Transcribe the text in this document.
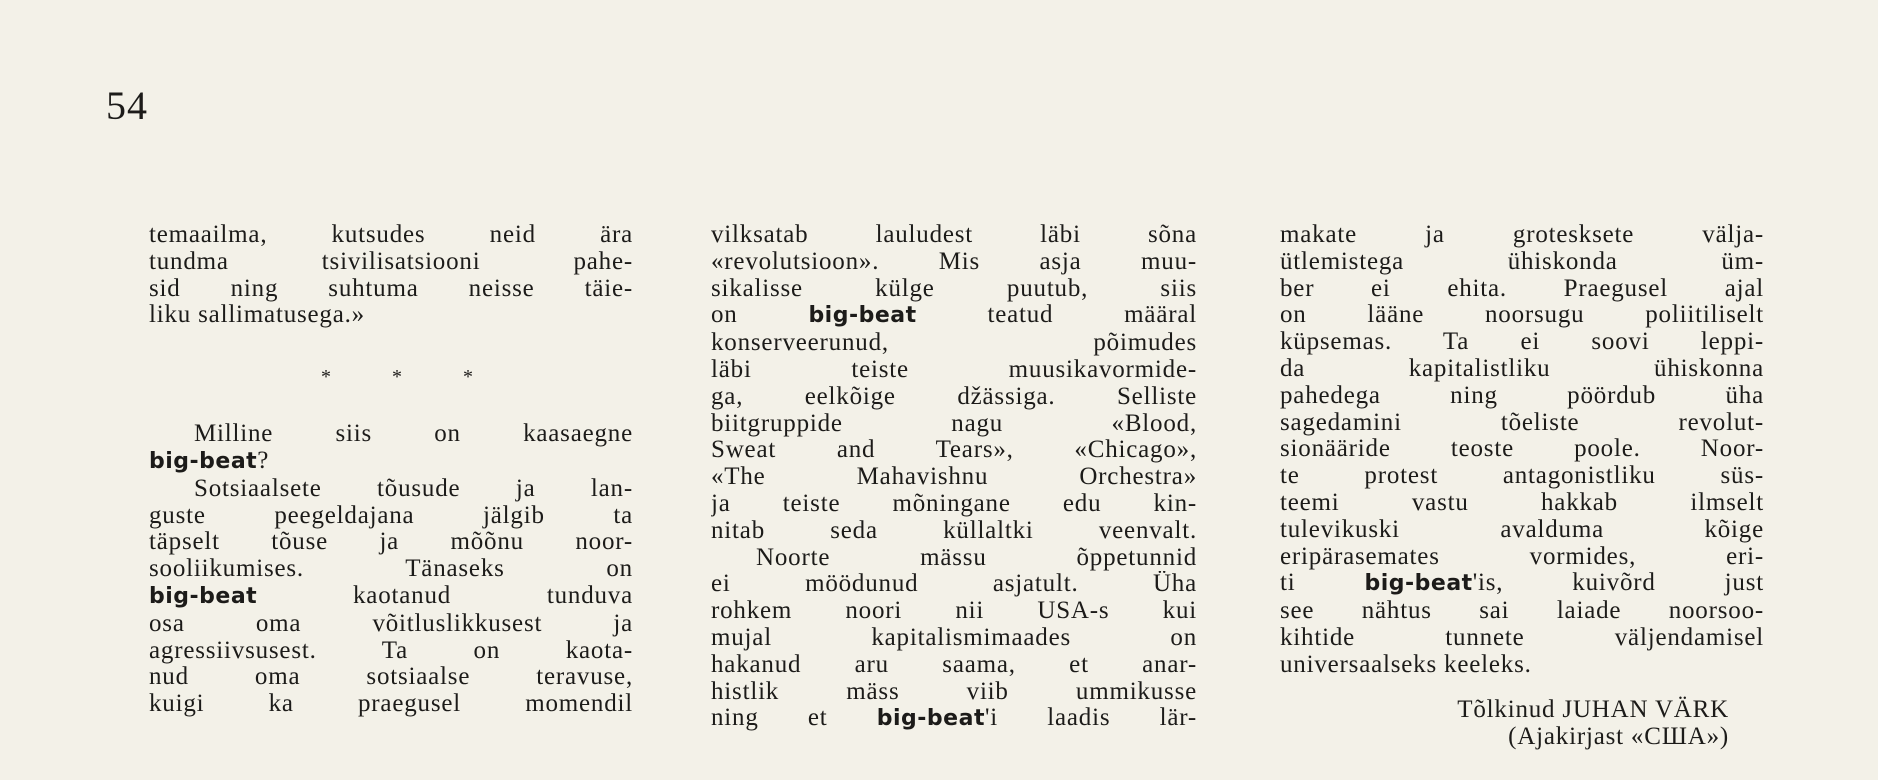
54
temaailma, kutsudes neid ära
tundma tsivilisatsiooni pahe-
sid ning suhtuma neisse täie-
liku sallimatusega.»
* * *
Milline siis on kaasaegne
big-beat?
Sotsiaalsete tõusude ja lan-
guste peegeldajana jälgib ta
täpselt tõuse ja mõõnu noor-
sooliikumises. Tänaseks on
big-beat kaotanud tunduva
osa oma võitluslikkusest ja
agressiivsusest. Ta on kaota-
nud oma sotsiaalse teravuse,
kuigi ka praegusel momendil
vilksatab lauludest läbi sõna
«revolutsioon». Mis asja muu-
sikalisse külge puutub, siis
on big-beat teatud määral
konserveerunud, põimudes
läbi teiste muusikavormide-
ga, eelkõige džässiga. Selliste
biitgruppide nagu «Blood,
Sweat and Tears», «Chicago»,
«The Mahavishnu Orchestra»
ja teiste mõningane edu kin-
nitab seda küllaltki veenvalt.
Noorte mässu õppetunnid
ei möödunud asjatult. Üha
rohkem noori nii USA-s kui
mujal kapitalismimaades on
hakanud aru saama, et anar-
histlik mäss viib ummikusse
ning et big-beat'i laadis lär-
makate ja grotesksete välja-
ütlemistega ühiskonda üm-
ber ei ehita. Praegusel ajal
on lääne noorsugu poliitiliselt
küpsemas. Ta ei soovi leppi-
da kapitalistliku ühiskonna
pahedega ning pöördub üha
sagedamini tõeliste revolut-
sionääride teoste poole. Noor-
te protest antagonistliku süs-
teemi vastu hakkab ilmselt
tulevikuski avalduma kõige
eripärasemates vormides, eri-
ti big-beat'is, kuivõrd just
see nähtus sai laiade noorsoo-
kihtide tunnete väljendamisel
universaalseks keeleks.
Tõlkinud JUHAN VÄRK
(Ajakirjast «США»)
